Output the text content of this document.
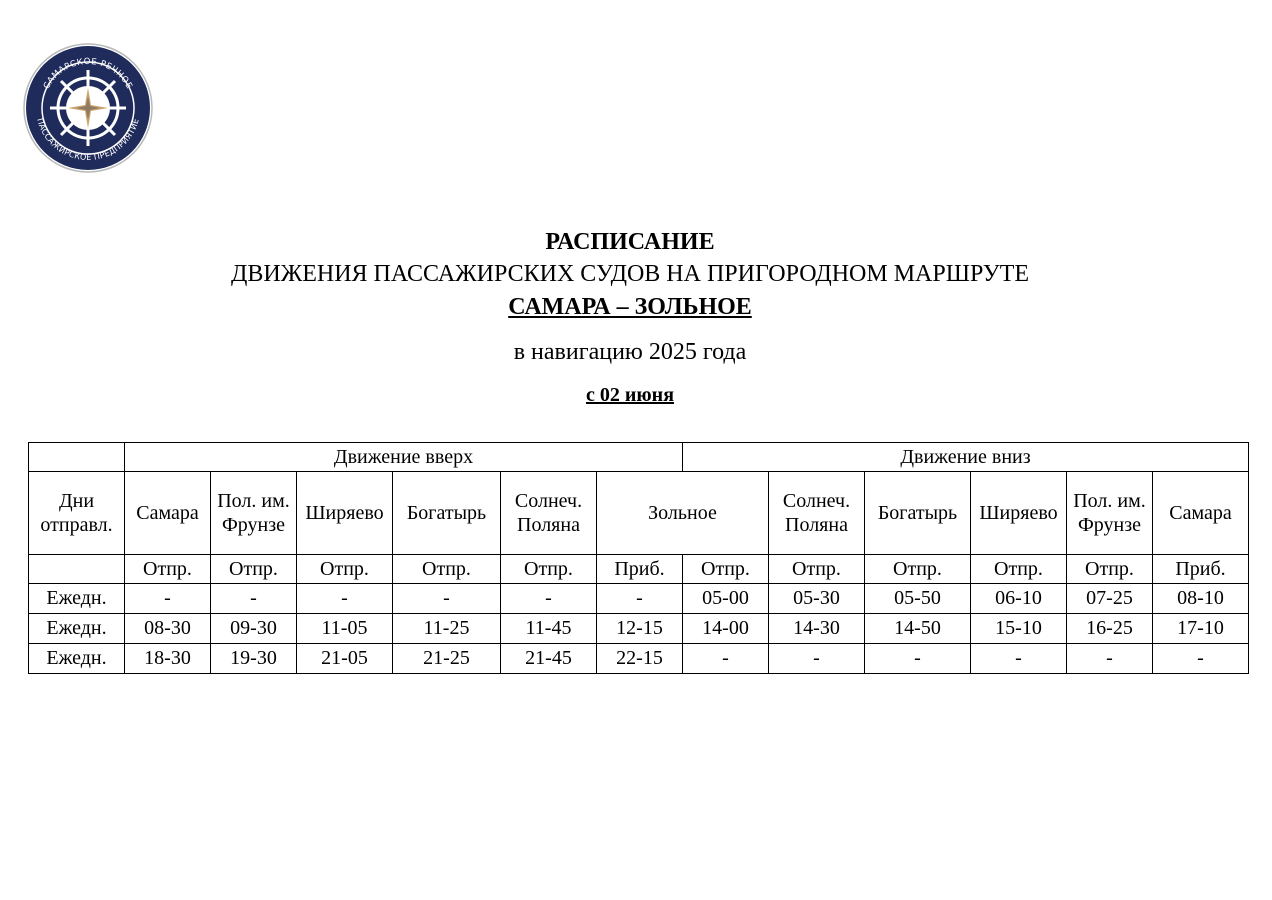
САМАРСКОЕ РЕЧНОЕ
ПАССАЖИРСКОЕ ПРЕДПРИЯТИЕ
РАСПИСАНИЕ
ДВИЖЕНИЯ ПАССАЖИРСКИХ СУДОВ НА ПРИГОРОДНОМ МАРШРУТЕ
САМАРА – ЗОЛЬНОЕ
в навигацию 2025 года
с 02 июня
	Движение вверх						Движение вниз					
Дни отправл.	Самара	Пол. им. Фрунзе	Ширяево	Богатырь	Солнеч. Поляна	Зольное		Солнеч. Поляна	Богатырь	Ширяево	Пол. им. Фрунзе	Самара
	Отпр.	Отпр.	Отпр.	Отпр.	Отпр.	Приб.	Отпр.	Отпр.	Отпр.	Отпр.	Отпр.	Приб.
Ежедн.	-	-	-	-	-	-	05-00	05-30	05-50	06-10	07-25	08-10
Ежедн.	08-30	09-30	11-05	11-25	11-45	12-15	14-00	14-30	14-50	15-10	16-25	17-10
Ежедн.	18-30	19-30	21-05	21-25	21-45	22-15	-	-	-	-	-	-
